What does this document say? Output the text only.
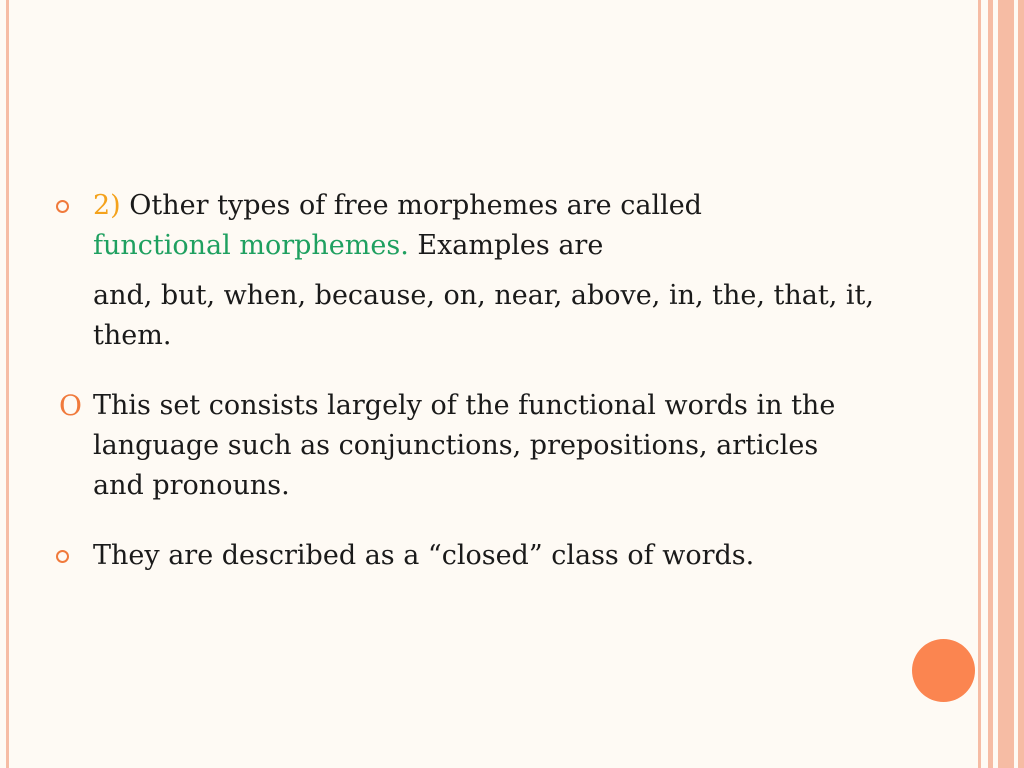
2) Other types of free morphemes are called
functional morphemes. Examples are
and, but, when, because, on, near, above, in, the, that, it, them.
O This set consists largely of the functional words in the language such as conjunctions, prepositions, articles and pronouns.
They are described as a “closed” class of words.
